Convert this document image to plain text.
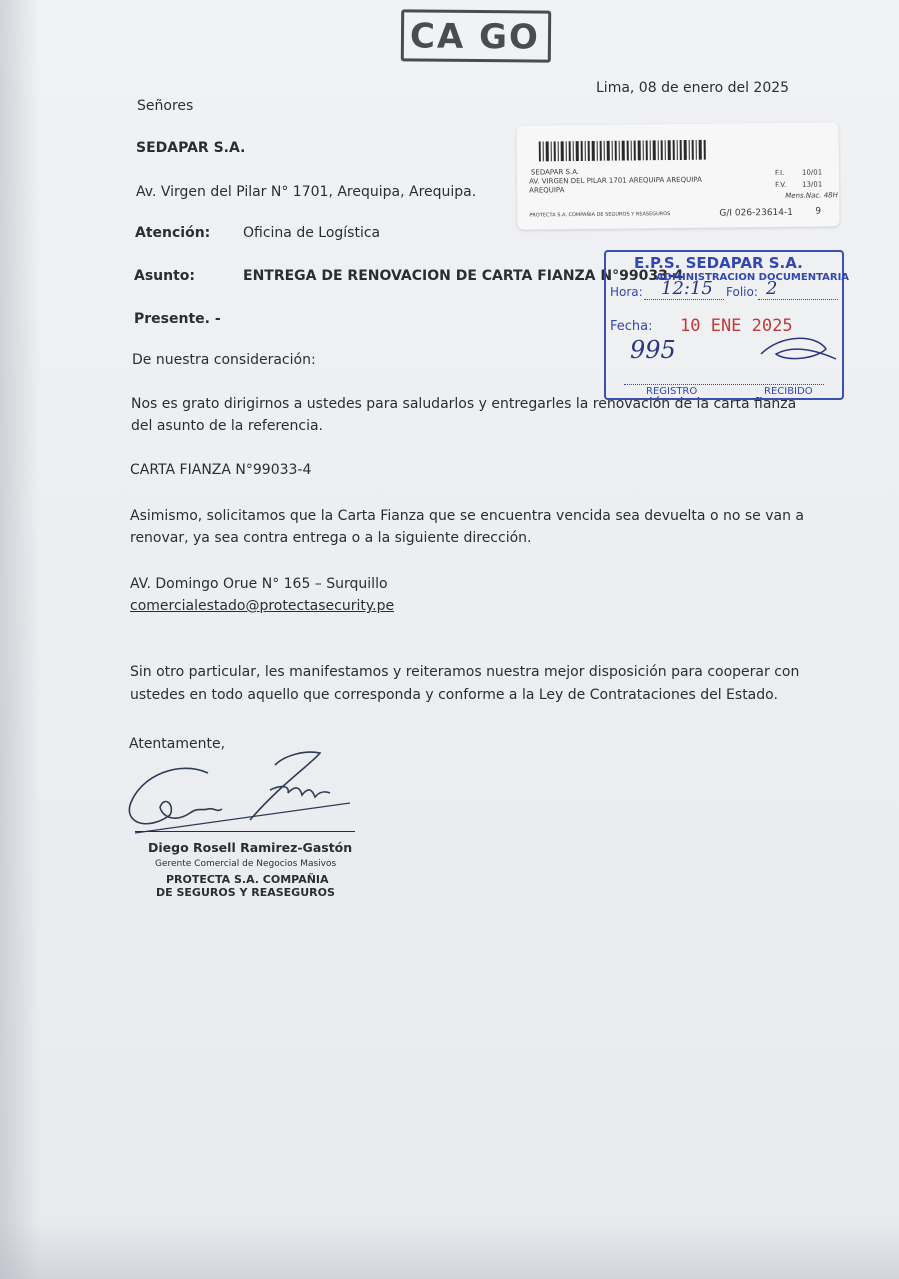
CA GO
Lima, 08 de enero del 2025
Señores
SEDAPAR S.A.
Av. Virgen del Pilar N° 1701, Arequipa, Arequipa.
Atención: Oficina de Logística
Asunto:	ENTREGA DE RENOVACION DE CARTA FIANZA N°99033-4
Presente. -
De nuestra consideración:
Nos es grato dirigirnos a ustedes para saludarlos y entregarles la renovación de la carta fianza
del asunto de la referencia.
CARTA FIANZA N°99033-4
Asimismo, solicitamos que la Carta Fianza que se encuentra vencida sea devuelta o no se van a
renovar, ya sea contra entrega o a la siguiente dirección.
AV. Domingo Orue N° 165 – Surquillo
comercialestado@protectasecurity.pe
Sin otro particular, les manifestamos y reiteramos nuestra mejor disposición para cooperar con
ustedes en todo aquello que corresponda y conforme a la Ley de Contrataciones del Estado.
Atentamente,
Diego Rosell Ramirez-Gastón
Gerente Comercial de Negocios Masivos
PROTECTA S.A. COMPAÑIA
DE SEGUROS Y REASEGUROS
SEDAPAR S.A.
AV. VIRGEN DEL PILAR 1701 AREQUIPA AREQUIPA
AREQUIPA
F.I. 10/01
F.V. 13/01
Mens.Nac. 48H
PROTECTA S.A. COMPAÑIA DE SEGUROS Y REASEGUROS	G/I 026-23614-1 9
E.P.S. SEDAPAR S.A.
ADMINISTRACION DOCUMENTARIA
Hora: 12:15 Folio: 2
Fecha: 10 ENE 2025
995
REGISTRO	RECIBIDO
